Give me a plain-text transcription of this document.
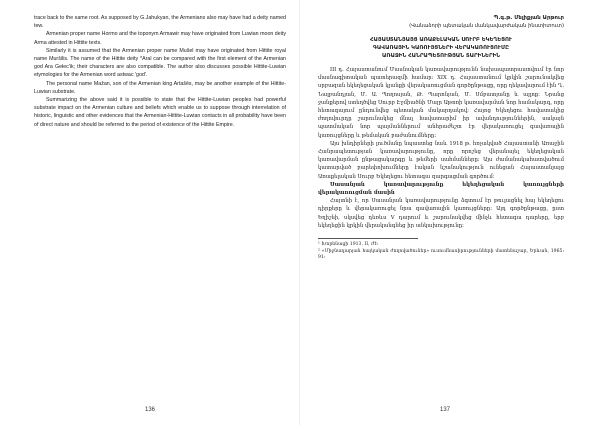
trace back to the same root. As supposed by G.Jahukyan, the Armenians also may have had a deity named tew.

Armenian proper name Hormo and the toponym Armawir may have originated from Luwian moon deity Arma attested in Hittite texts.

Similarly it is assumed that the Armenian proper name Mušel may have originated from Hittite royal name Muršilis. The name of the Hittite deity *Aral can be compared with the first element of the Armenian god Ara Gełec'ik; their characters are also compatible. The author also discusses possible Hittite-Luwian etymologies for the Armenian word astwac 'god'.

The personal name Mažan, son of the Armenian king Artašēs, may be another example of the Hittite-Luwian substrate.

Summarizing the above said it is possible to state that the Hittite-Luwian peoples had powerful substrate impact on the Armenian culture and beliefs which enable us to suppose through interrelation of historic, linguistic and other evidences that the Armenian-Hittite-Luwian contacts in all probability have been of direct nature and should be referred to the period of existence of the Hittite Empire.

136
Պ.գ.թ. Մելիքյան Արթուր
(Վանաձորի պետական մանկավարժական ինստիտուտ)
ՀԱՅԱՍՏԱՆՅԱՅՑ ԱՌԱՔԵԼԱԿԱՆ ՍՈՒՐԲ ԵԿԵՂԵՑՈՒ
ԳԱՎԱՌԱՅԻՆ ԿԱՌՈՒՅՑՆԵՐԻ ՎԵՐԱԿԱՌՈՒՑՈՒՄԸ
ԱՌԱՋԻՆ ՀԱՆՐԱՊԵՏՈՒԹՅԱՆ ՏԱՐԻՆԵՐԻՆ

III դ. Հայաստանում Մասնական կառավարությունն նախապատրաստվում էր նոր մասնագիտական պատերազմի համար: XIX դ. Հայաստանում կրկին շարունակվեց սրբազան եկեղեցական կյանքի վերակառուցման գործընթացը, որը ղեկավարում էին Ղ. Նալբանդյան, Մ. Ա. Պողոսյան, Թ. Պարոնյան, Մ. Սմբատյանը և այլոք: Նրանց ջանքերով ստեղծվեց Սուրբ Էջմիածնի Մայր Աթոռի կառավարման նոր համակարգ, որը հետագայում ընդունվեց պետական մակարդակով: Հայոց Եկեղեցու հավատակից ժողովուրդը շարունակեց մնալ հավատարիմ իր ավանդություններին, սակայն պատմական նոր պայմաններում անհրաժեշտ էր վերակառուցել գավառային կառույցները և թեմական բաժանումները:

Այս խնդիրների լուծմանը նպաստեց նաև 1918 թ. հռչակված Հայաստանի Առաջին Հանրապետության կառավարությունը, որը որոշեց վերանայել եկեղեցական կառավարման ընթացակարգը և թեմերի սահմանները: Այս ժամանակահատվածում կատարված բարեփոխումները էական նշանակություն ունեցան Հայաստանյայց Առաքելական Սուրբ Եկեղեցու հետագա զարգացման գործում:

Սասանյան կառավարությունը եկեղեցական կառույցների վերակառուցման մասին

Հայտնի է, որ Սասանյան կառավարությունը ձգտում էր թուլացնել հայ եկեղեցու դիրքերը և վերակառուցել նրա գավառային կառույցները: Այդ գործընթացը, ըստ Եղիշեի, սկսվեց դեռևս V դարում և շարունակվեց մինչև հետագա դարերը, երբ եկեղեցին կրկին վերականգնեց իր անկախությունը:

¹ Խորենացի 1913, II, Ժէ:

² «Միջնադարյան հայկական ժողովածուներ» ուսումնասիրությունների մատենաշար, Երևան, 1965: 91:

137
